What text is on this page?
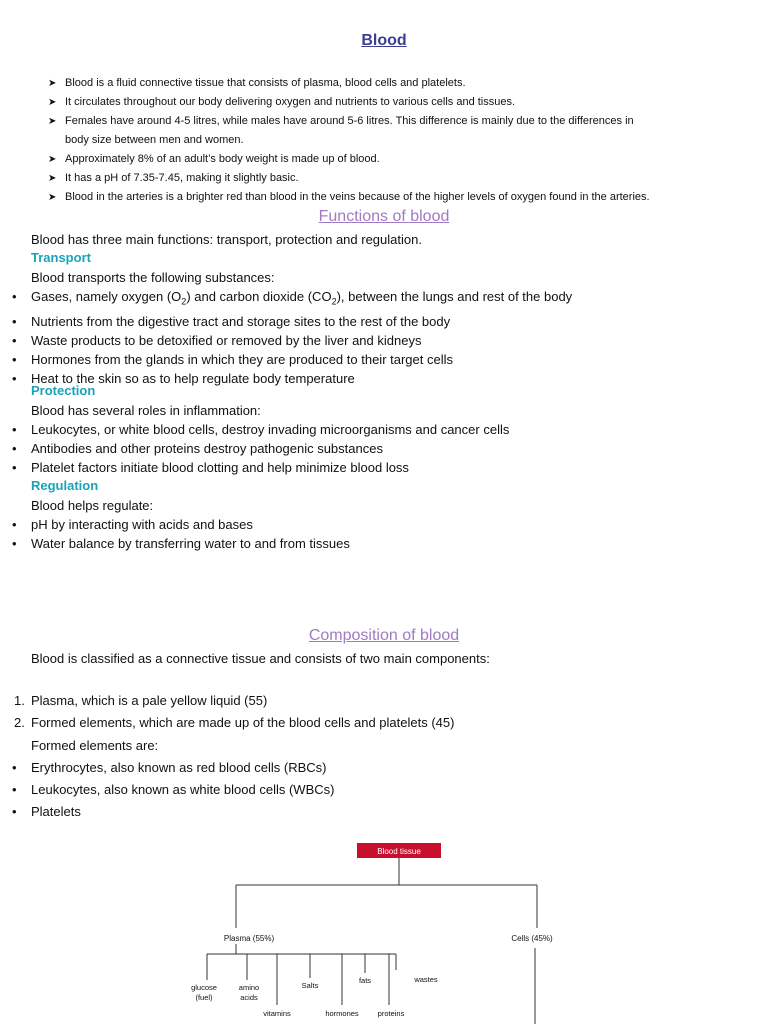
Blood
➤ Blood is a fluid connective tissue that consists of plasma, blood cells and platelets.
➤ It circulates throughout our body delivering oxygen and nutrients to various cells and tissues.
➤ Females have around 4-5 litres, while males have around 5-6 litres. This difference is mainly due to the differences in
body size between men and women.
➤ Approximately 8% of an adult’s body weight is made up of blood.
➤ It has a pH of 7.35-7.45, making it slightly basic.
➤ Blood in the arteries is a brighter red than blood in the veins because of the higher levels of oxygen found in the arteries.
Functions of blood
Blood has three main functions: transport, protection and regulation.
Transport
Blood transports the following substances:
• Gases, namely oxygen $(O_2)$ and carbon dioxide $(CO_2)$, between the lungs and rest of the body
• Nutrients from the digestive tract and storage sites to the rest of the body
• Waste products to be detoxified or removed by the liver and kidneys
• Hormones from the glands in which they are produced to their target cells
• Heat to the skin so as to help regulate body temperature
Protection
Blood has several roles in inflammation:
• Leukocytes, or white blood cells, destroy invading microorganisms and cancer cells
• Antibodies and other proteins destroy pathogenic substances
• Platelet factors initiate blood clotting and help minimize blood loss
Regulation
Blood helps regulate:
• pH by interacting with acids and bases
• Water balance by transferring water to and from tissues
Composition of blood
Blood is classified as a connective tissue and consists of two main components:
1. Plasma, which is a pale yellow liquid (55)
2. Formed elements, which are made up of the blood cells and platelets (45)
Formed elements are:
• Erythrocytes, also known as red blood cells (RBCs)
• Leukocytes, also known as white blood cells (WBCs)
• Platelets
Blood tissue
Plasma (55%)	Cells (45%)
glucose
(fuel)
amino
acids
vitamins
Salts
hormones
fats
proteins
wastes
